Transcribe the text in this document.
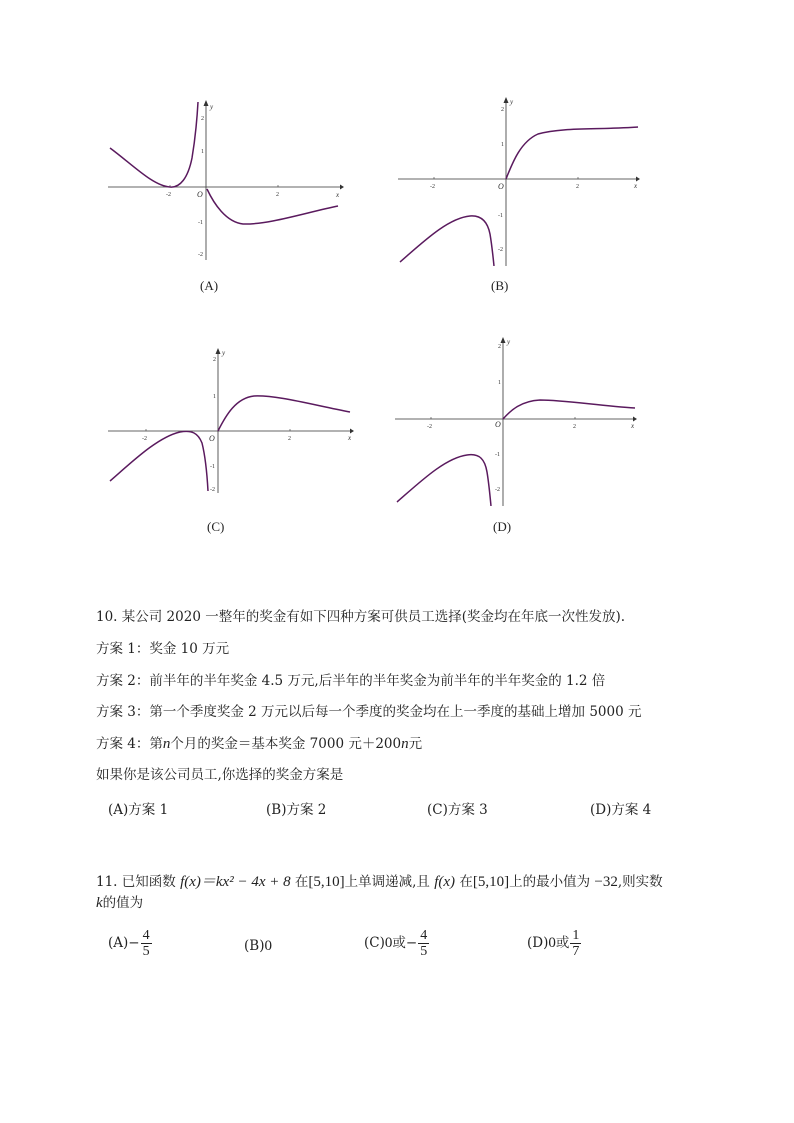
-2	2
2
1
-1
-2
y
x
O
(A)
-2	2
2
1
-1
-2
y
x
O
(B)
-2	2
2
1
-1
-2
y
x
O
(C)
-2	2
2
1
-1
-2
y
x
O
(D)
10. 某公司 2020 一整年的奖金有如下四种方案可供员工选择(奖金均在年底一次性发放).
方案 1：奖金 10 万元
方案 2：前半年的半年奖金 4.5 万元,后半年的半年奖金为前半年的半年奖金的 1.2 倍
方案 3：第一个季度奖金 2 万元以后每一个季度的奖金均在上一季度的基础上增加 5000 元
方案 4：第n个月的奖金＝基本奖金 7000 元＋200n元
如果你是该公司员工,你选择的奖金方案是
(A)方案 1	(B)方案 2	(C)方案 3	(D)方案 4
11. 已知函数 f(x)＝kx² − 4x + 8 在[5,10]上单调递减,且 f(x) 在[5,10]上的最小值为 −32,则实数
k的值为
$(A)- \frac{4}{5}$	(B)0	(C)0或− $\frac{4}{5}$	(D)0或 $\frac{1}{7}$
